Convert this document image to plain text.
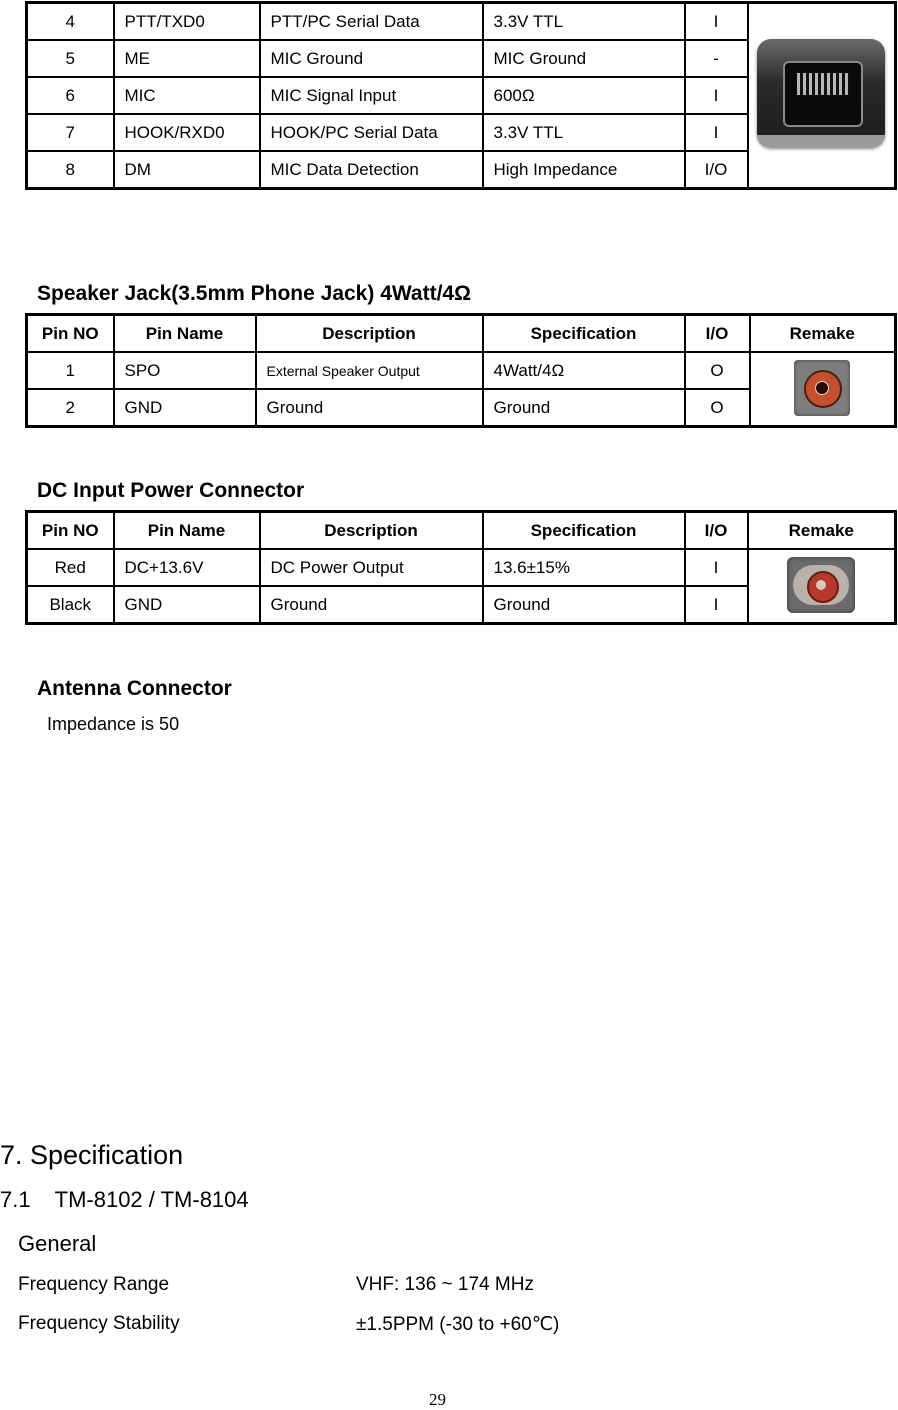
4	PTT/TXD0	PTT/PC Serial Data	3.3V TTL	I	

5	ME	MIC Ground	MIC Ground	-	
6	MIC	MIC Signal Input	600Ω	I	
7	HOOK/RXD0	HOOK/PC Serial Data	3.3V TTL	I	
8	DM	MIC Data Detection	High Impedance	I/O	
Speaker Jack(3.5mm Phone Jack) 4Watt/4Ω
Pin NO	Pin Name	Description	Specification	I/O	Remake
1	SPO	External Speaker Output	4Watt/4Ω	O	

2	GND	Ground	Ground	O	
DC Input Power Connector
Pin NO	Pin Name	Description	Specification	I/O	Remake
Red	DC+13.6V	DC Power Output	13.6±15%	I	

Black	GND	Ground	Ground	I	
Antenna Connector
Impedance is 50
7. Specification
7.1    TM-8102 / TM-8104
General
Frequency Range	VHF: 136 ~ 174 MHz
Frequency Stability	±1.5PPM (-30 to +60℃)
29
